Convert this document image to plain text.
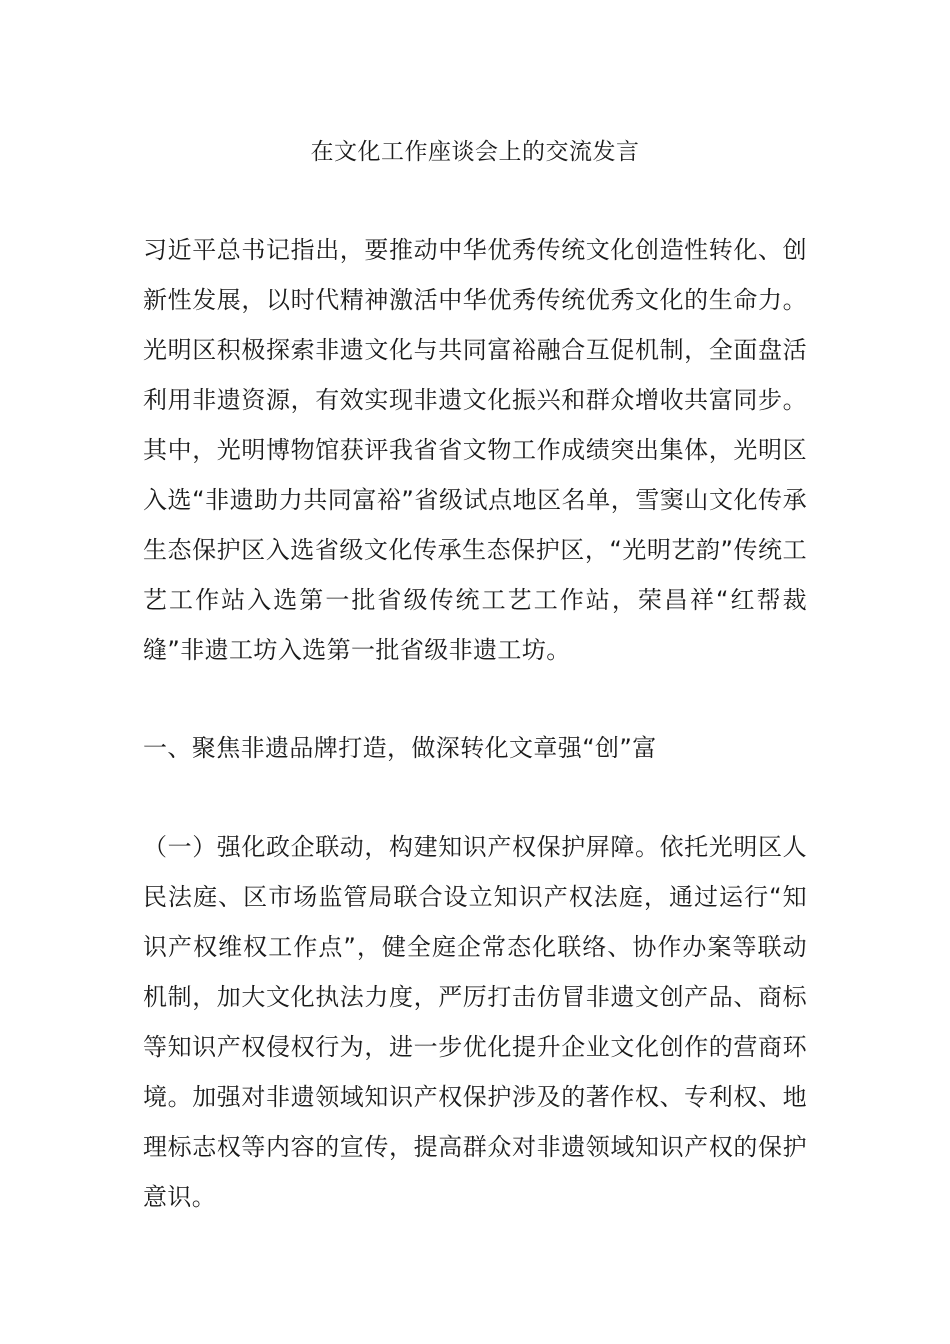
在文化工作座谈会上的交流发言
习近平总书记指出，要推动中华优秀传统文化创造性转化、创新性发展，以时代精神激活中华优秀传统优秀文化的生命力。光明区积极探索非遗文化与共同富裕融合互促机制，全面盘活利用非遗资源，有效实现非遗文化振兴和群众增收共富同步。其中，光明博物馆获评我省省文物工作成绩突出集体，光明区入选“非遗助力共同富裕”省级试点地区名单，雪窦山文化传承生态保护区入选省级文化传承生态保护区，“光明艺韵”传统工艺工作站入选第一批省级传统工艺工作站，荣昌祥“红帮裁缝”非遗工坊入选第一批省级非遗工坊。
一、聚焦非遗品牌打造，做深转化文章强“创”富
（一）强化政企联动，构建知识产权保护屏障。依托光明区人民法庭、区市场监管局联合设立知识产权法庭，通过运行“知识产权维权工作点”，健全庭企常态化联络、协作办案等联动机制，加大文化执法力度，严厉打击仿冒非遗文创产品、商标等知识产权侵权行为，进一步优化提升企业文化创作的营商环境。加强对非遗领域知识产权保护涉及的著作权、专利权、地理标志权等内容的宣传，提高群众对非遗领域知识产权的保护意识。
